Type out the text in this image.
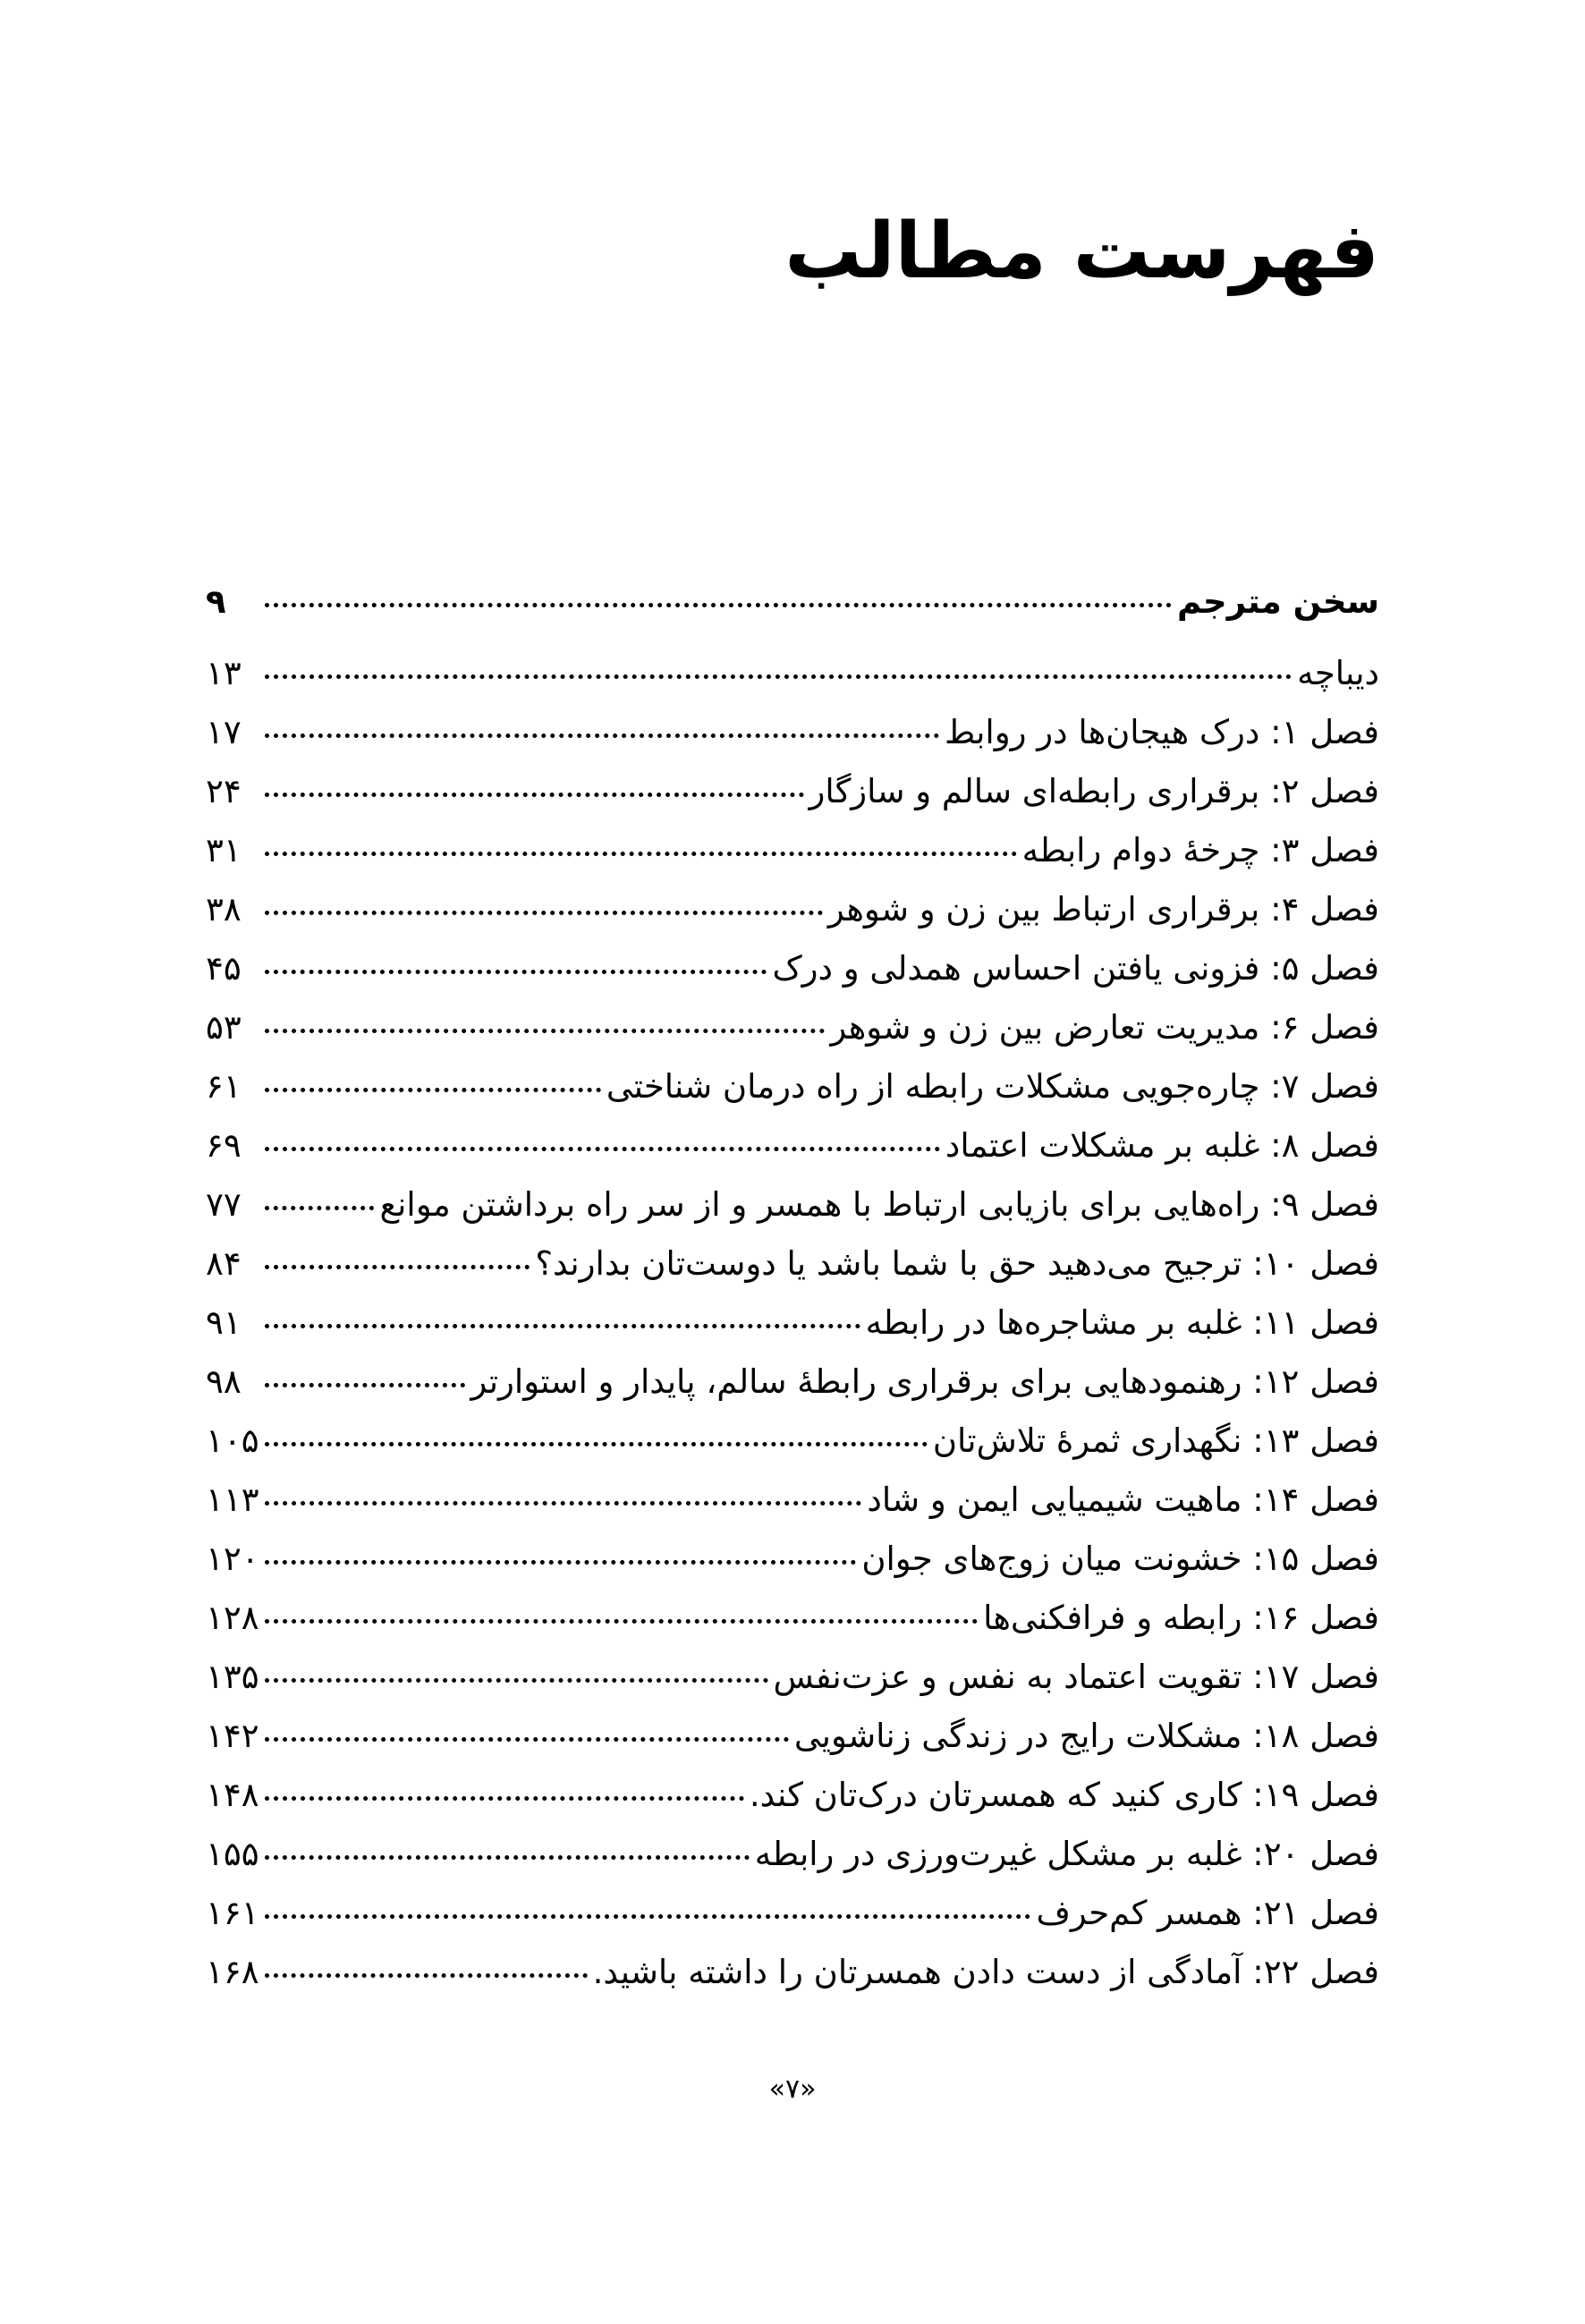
فهرست مطالب
سخن مترجم
۹
دیباچه
۱۳
فصل ۱: درک هیجان‌ها در روابط
۱۷
فصل ۲: برقراری رابطه‌ای سالم و سازگار
۲۴
فصل ۳: چرخهٔ دوام رابطه
۳۱
فصل ۴: برقراری ارتباط بین زن و شوهر
۳۸
فصل ۵: فزونی یافتن احساس همدلی و درک
۴۵
فصل ۶: مدیریت تعارض بین زن و شوهر
۵۳
فصل ۷: چاره‌جویی مشکلات رابطه از راه درمان شناختی
۶۱
فصل ۸: غلبه بر مشکلات اعتماد
۶۹
فصل ۹: راه‌هایی برای بازیابی ارتباط با همسر و از سر راه برداشتن موانع
۷۷
فصل ۱۰: ترجیح می‌دهید حق با شما باشد یا دوست‌تان بدارند؟
۸۴
فصل ۱۱: غلبه بر مشاجره‌ها در رابطه
۹۱
فصل ۱۲: رهنمودهایی برای برقراری رابطهٔ سالم، پایدار و استوارتر
۹۸
فصل ۱۳: نگهداری ثمرهٔ تلاش‌تان
۱۰۵
فصل ۱۴: ماهیت شیمیایی ایمن و شاد
۱۱۳
فصل ۱۵: خشونت میان زوج‌های جوان
۱۲۰
فصل ۱۶: رابطه و فرافکنی‌ها
۱۲۸
فصل ۱۷: تقویت اعتماد به نفس و عزت‌نفس
۱۳۵
فصل ۱۸: مشکلات رایج در زندگی زناشویی
۱۴۲
فصل ۱۹: کاری کنید که همسرتان درک‌تان کند.
۱۴۸
فصل ۲۰: غلبه بر مشکل غیرت‌ورزی در رابطه
۱۵۵
فصل ۲۱: همسر کم‌حرف
۱۶۱
فصل ۲۲: آمادگی از دست دادن همسرتان را داشته باشید.
۱۶۸
«۷»
